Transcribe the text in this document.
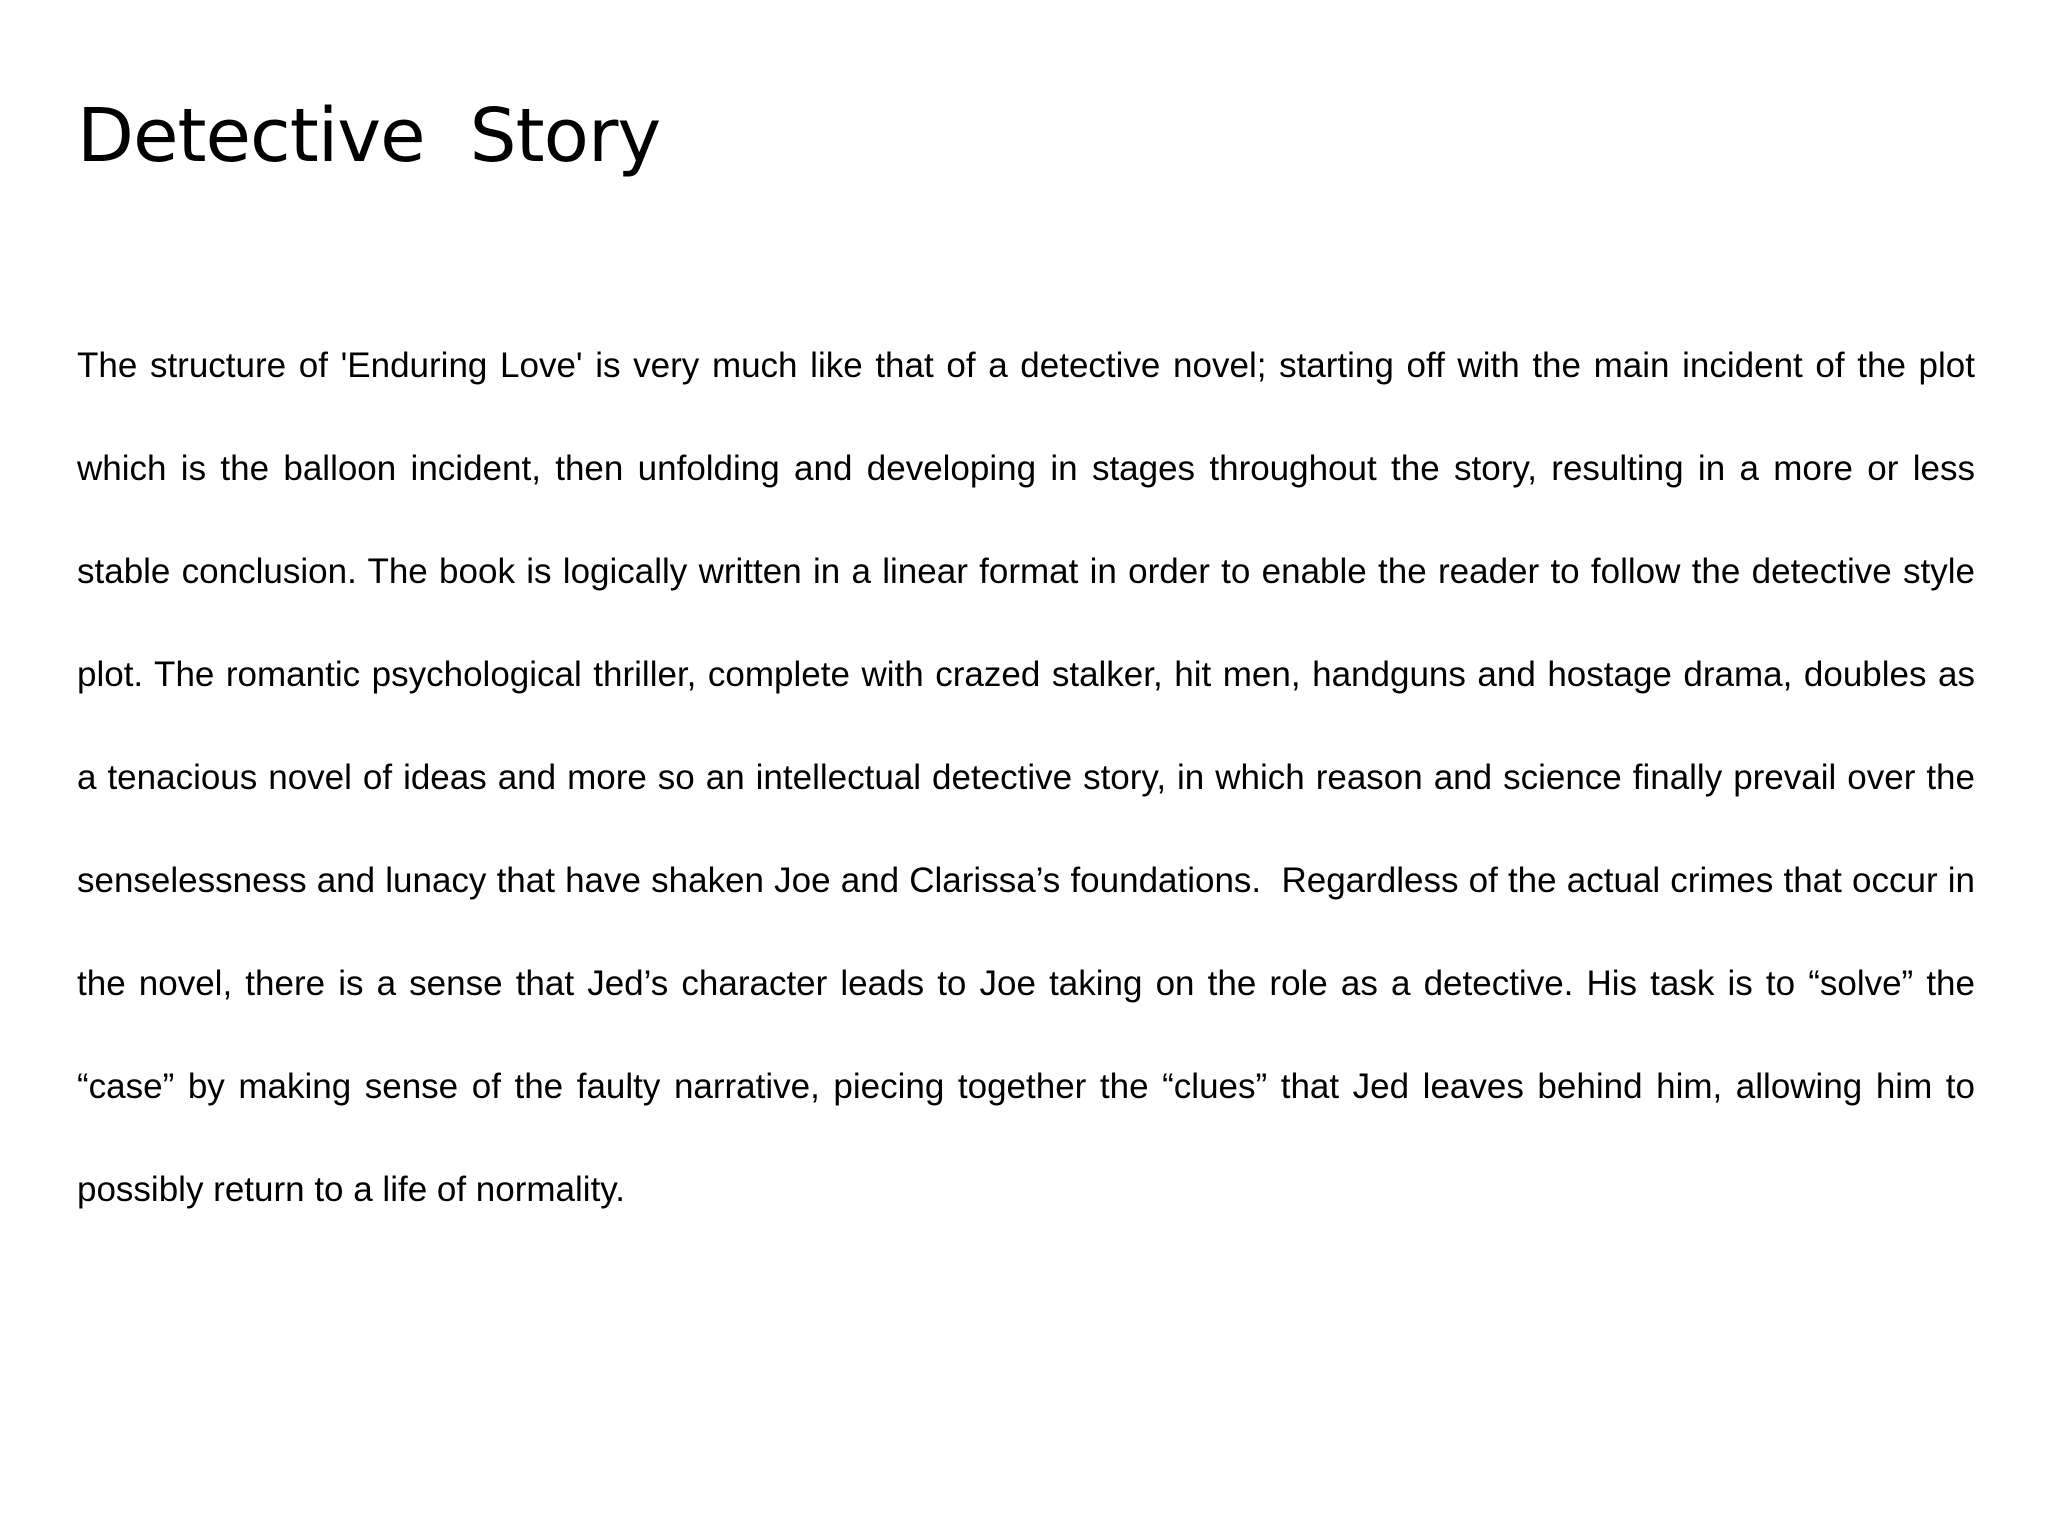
Detective  Story

The structure of 'Enduring Love' is very much like that of a detective novel; starting off with the main incident of the plot which is the balloon incident, then unfolding and developing in stages throughout the story, resulting in a more or less stable conclusion. The book is logically written in a linear format in order to enable the reader to follow the detective style plot. The romantic psychological thriller, complete with crazed stalker, hit men, handguns and hostage drama, doubles as a tenacious novel of ideas and more so an intellectual detective story, in which reason and science finally prevail over the senselessness and lunacy that have shaken Joe and Clarissa’s foundations.  Regardless of the actual crimes that occur in the novel, there is a sense that Jed’s character leads to Joe taking on the role as a detective. His task is to “solve” the “case” by making sense of the faulty narrative, piecing together the “clues” that Jed leaves behind him, allowing him to possibly return to a life of normality.
